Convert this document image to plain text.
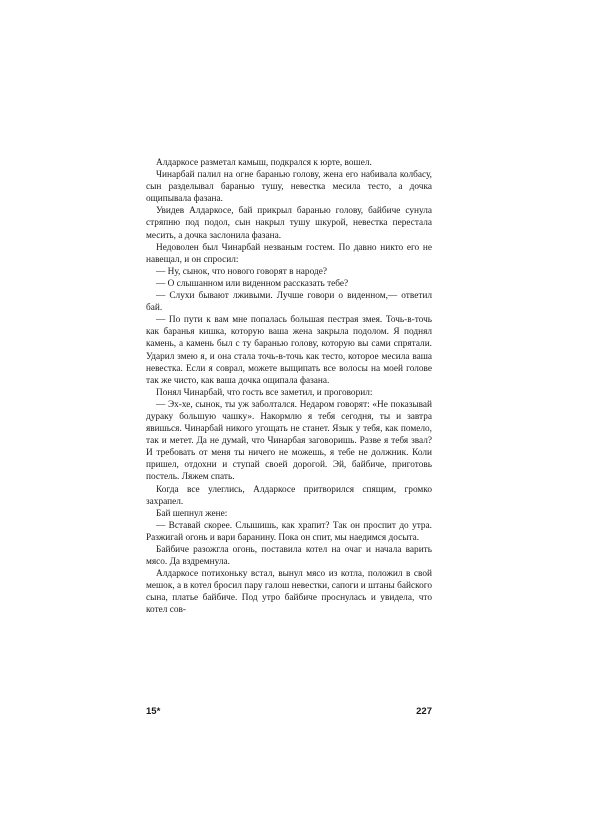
Алдаркосе разметал камыш, подкрался к юрте, вошел.

Чинарбай палил на огне баранью голову, жена его набивала колбасу, сын разделывал баранью тушу, невестка месила тесто, а дочка ощипывала фазана.

Увидев Алдаркосе, бай прикрыл баранью голову, байбиче сунула стряпню под подол, сын накрыл тушу шкурой, невестка перестала месить, а дочка заслонила фазана.

Недоволен был Чинарбай незваным гостем. По давно никто его не навещал, и он спросил:

— Ну, сынок, что нового говорят в народе?

— О слышанном или виденном рассказать тебе?

— Слухи бывают лживыми. Лучше говори о виденном,— ответил бай.

— По пути к вам мне попалась большая пестрая змея. Точь-в-точь как баранья кишка, которую ваша жена закрыла подолом. Я поднял камень, а камень был с ту баранью голову, которую вы сами спрятали. Ударил змею я, и она стала точь-в-точь как тесто, которое месила ваша невестка. Если я соврал, можете выщипать все волосы на моей голове так же чисто, как ваша дочка ощипала фазана.

Понял Чинарбай, что гость все заметил, и проговорил:

— Эх-хе, сынок, ты уж заболтался. Недаром говорят: «Не показывай дураку большую чашку». Накормлю я тебя сегодня, ты и завтра явишься. Чинарбай никого угощать не станет. Язык у тебя, как помело, так и метет. Да не думай, что Чинарбая заговоришь. Разве я тебя звал? И требовать от меня ты ничего не можешь, я тебе не должник. Коли пришел, отдохни и ступай своей дорогой. Эй, байбиче, приготовь постель. Ляжем спать.

Когда все улеглись, Алдаркосе притворился спящим, громко захрапел.

Бай шепнул жене:

— Вставай скорее. Слышишь, как храпит? Так он проспит до утра. Разжигай огонь и вари баранину. Пока он спит, мы наедимся досыта.

Байбиче разожгла огонь, поставила котел на очаг и начала варить мясо. Да вздремнула.

Алдаркосе потихоньку встал, вынул мясо из котла, положил в свой мешок, а в котел бросил пару галош невестки, сапоги и штаны байского сына, платье байбиче. Под утро байбиче проснулась и увидела, что котел сов-

15*	227
